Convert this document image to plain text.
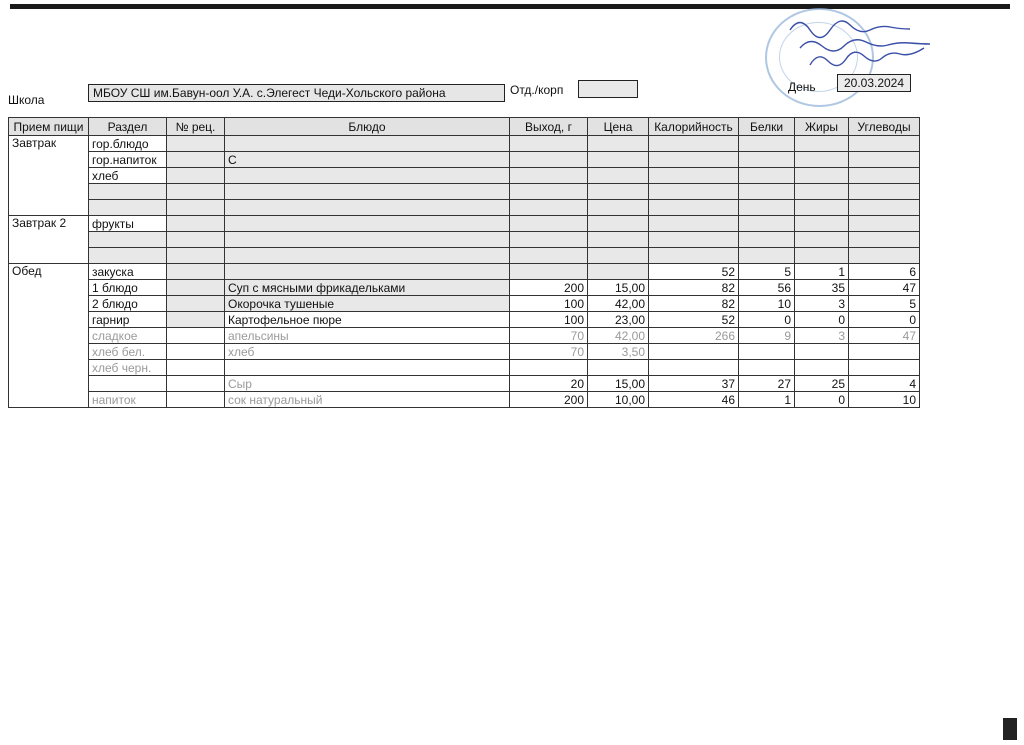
Школа	МБОУ СШ им.Бавун-оол У.А. с.Элегест Чеди-Хольского района	Отд./корп	День	20.03.2024
Прием пищи	Раздел	№ рец.	Блюдо	Выход, г	Цена	Калорийность	Белки	Жиры	Углеводы
Завтрак	гор.блюдо								
	гор.напиток		С						
	хлеб								

Завтрак 2	фрукты								

Обед	закуска					52	5	1	6
	1 блюдо		Суп с мясными фрикадельками	200	15,00	82	56	35	47
	2 блюдо		Окорочка тушеные	100	42,00	82	10	3	5
	гарнир		Картофельное пюре	100	23,00	52	0	0	0
	сладкое		апельсины	70	42,00	266	9	3	47
	хлеб бел.		хлеб	70	3,50				
	хлеб черн.								
			Сыр	20	15,00	37	27	25	4
	напиток		сок натуральный	200	10,00	46	1	0	10
